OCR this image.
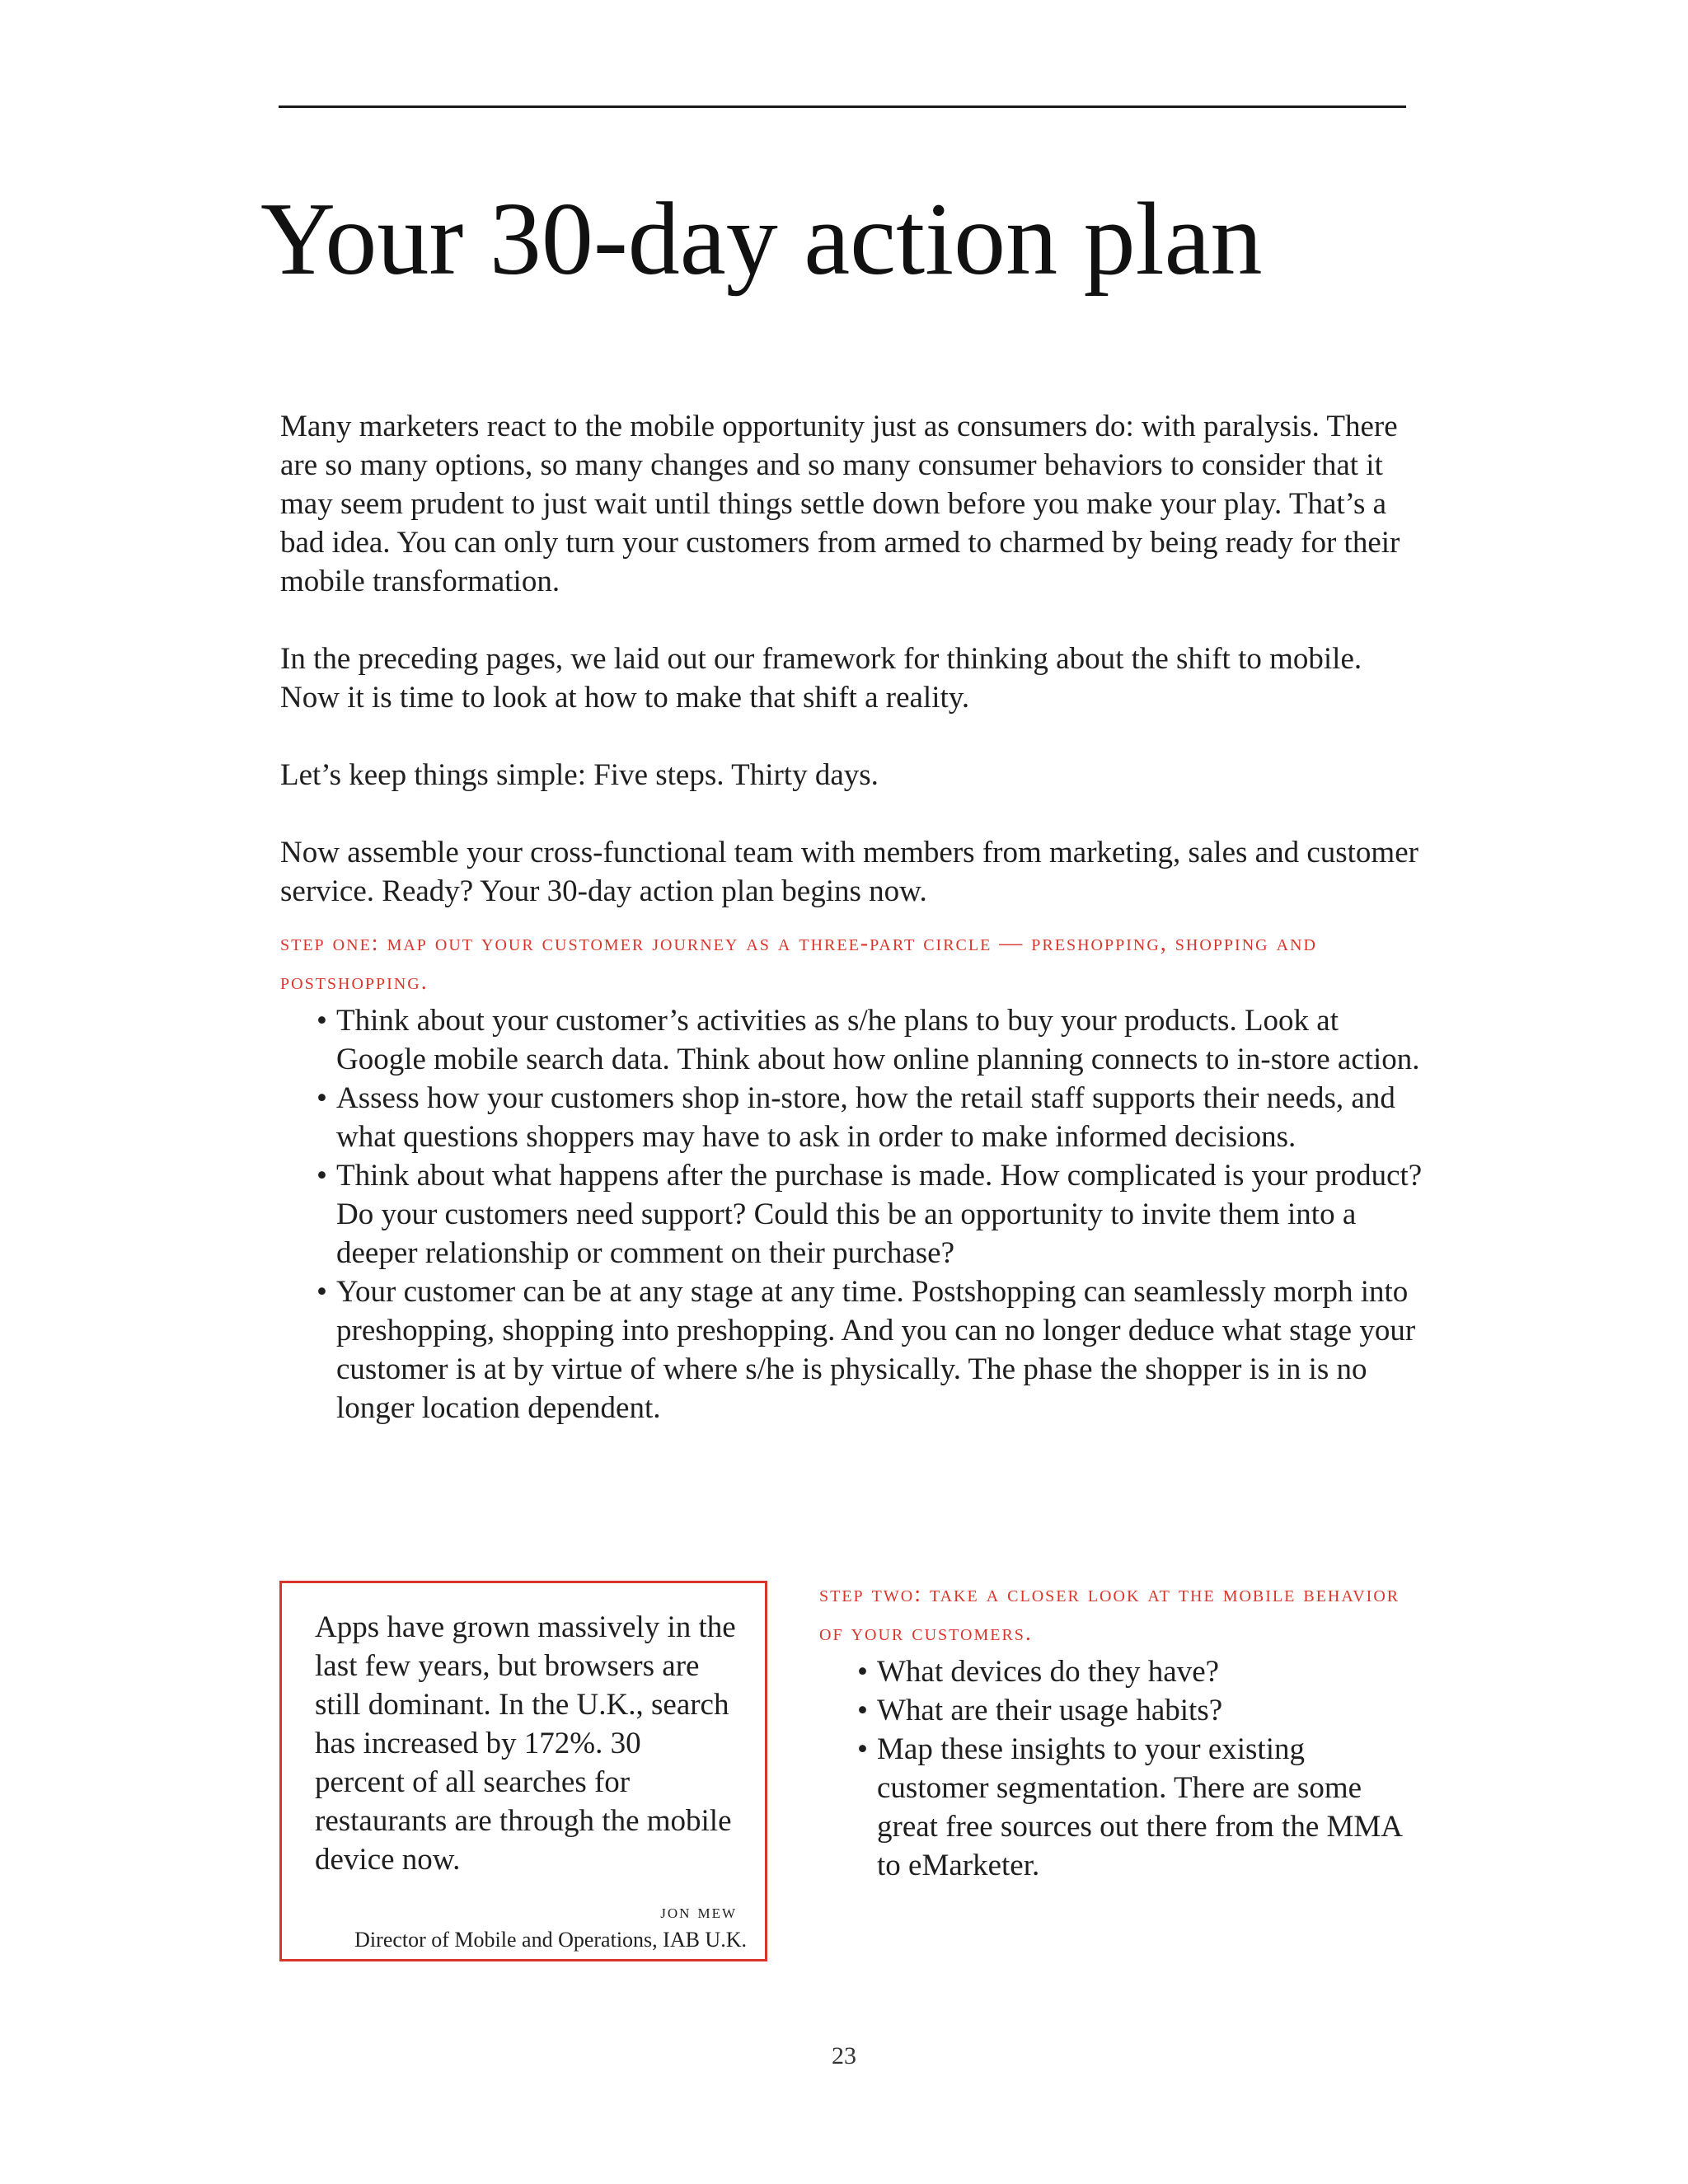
Your 30-day action plan

Many marketers react to the mobile opportunity just as consumers do: with paralysis. There are so many options, so many changes and so many consumer behaviors to consider that it may seem prudent to just wait until things settle down before you make your play. That’s a bad idea. You can only turn your customers from armed to charmed by being ready for their mobile transformation.

In the preceding pages, we laid out our framework for thinking about the shift to mobile. Now it is time to look at how to make that shift a reality.

Let’s keep things simple: Five steps. Thirty days.

Now assemble your cross-functional team with members from marketing, sales and customer service. Ready? Your 30-day action plan begins now.

step one: map out your customer journey as a three-part circle — preshopping, shopping and postshopping.
• Think about your customer’s activities as s/he plans to buy your products. Look at Google mobile search data. Think about how online planning connects to in-store action.
• Assess how your customers shop in-store, how the retail staff supports their needs, and what questions shoppers may have to ask in order to make informed decisions.
• Think about what happens after the purchase is made. How complicated is your product? Do your customers need support? Could this be an opportunity to invite them into a deeper relationship or comment on their purchase?
• Your customer can be at any stage at any time. Postshopping can seamlessly morph into preshopping, shopping into preshopping. And you can no longer deduce what stage your customer is at by virtue of where s/he is physically. The phase the shopper is in is no longer location dependent.

Apps have grown massively in the last few years, but browsers are still dominant. In the U.K., search has increased by 172%. 30 percent of all searches for restaurants are through the mobile device now.

jon mew
Director of Mobile and Operations, IAB U.K.
step two: take a closer look at the mobile behavior of your customers.
• What devices do they have?
• What are their usage habits?
• Map these insights to your existing customer segmentation. There are some great free sources out there from the MMA to eMarketer.
23
